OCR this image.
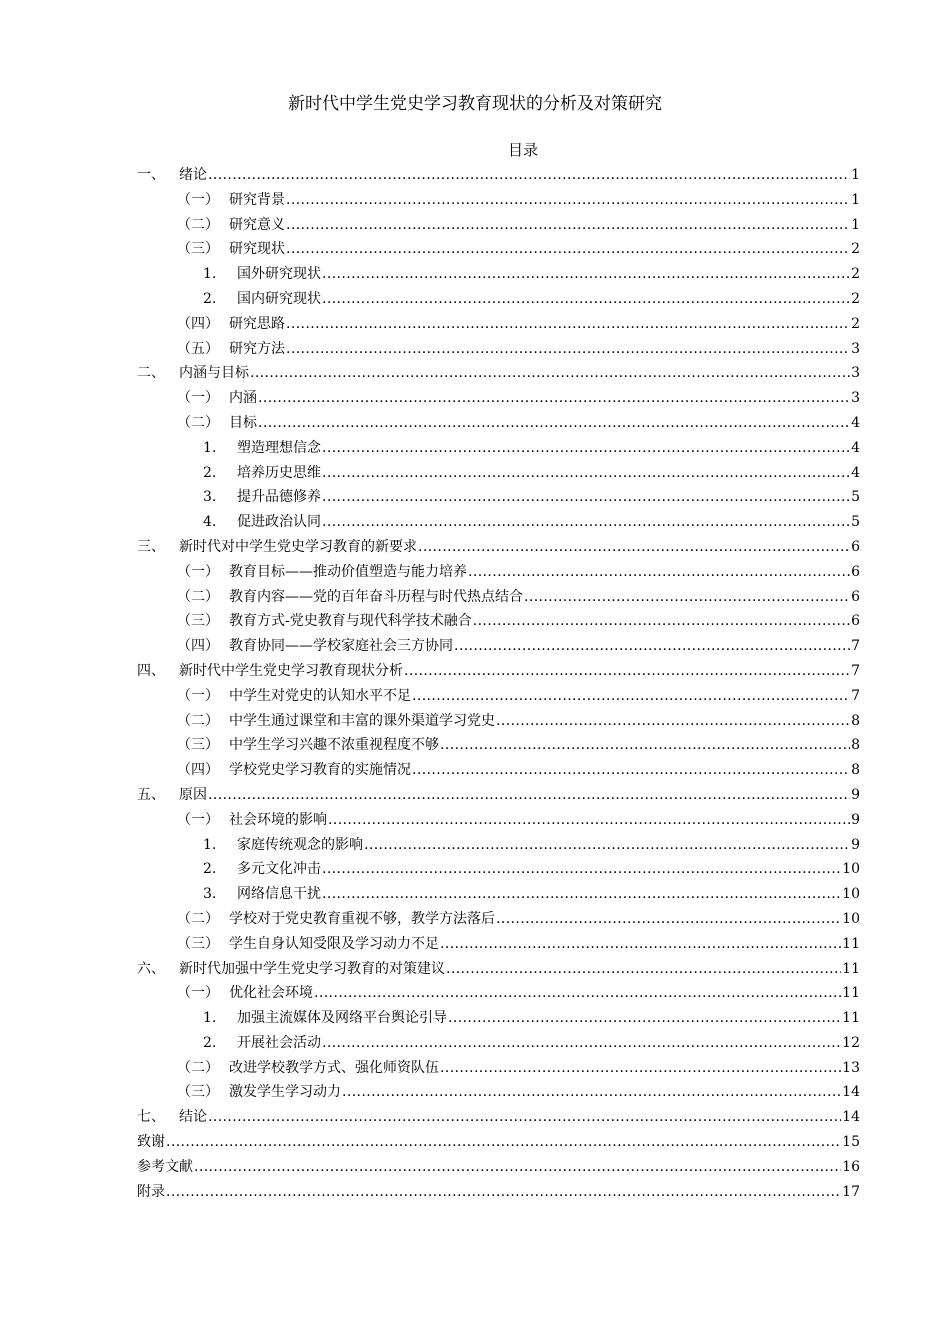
新时代中学生党史学习教育现状的分析及对策研究
目录
一、	绪论 .....	1
（一） 研究背景 .....	1
（二） 研究意义 .....	1
（三） 研究现状 .....	2
1.	国外研究现状 .....	2
2.	国内研究现状 .....	2
（四） 研究思路 .....	2
（五） 研究方法 .....	3
二、	内涵与目标 .....	3
（一） 内涵 .....	3
（二） 目标 .....	4
1.	塑造理想信念 .....	4
2.	培养历史思维 .....	4
3.	提升品德修养 .....	5
4.	促进政治认同 .....	5
三、	新时代对中学生党史学习教育的新要求 .....	6
（一） 教育目标——推动价值塑造与能力培养 .....	6
（二） 教育内容——党的百年奋斗历程与时代热点结合 .....	6
（三） 教育方式-党史教育与现代科学技术融合 .....	6
（四） 教育协同——学校家庭社会三方协同 .....	7
四、	新时代中学生党史学习教育现状分析 .....	7
（一） 中学生对党史的认知水平不足 .....	7
（二） 中学生通过课堂和丰富的课外渠道学习党史 .....	8
（三） 中学生学习兴趣不浓重视程度不够 .....	8
（四） 学校党史学习教育的实施情况 .....	8
五、	原因 .....	9
（一） 社会环境的影响 .....	9
1.	家庭传统观念的影响 .....	9
2.	多元文化冲击 .....	10
3.	网络信息干扰 .....	10
（二） 学校对于党史教育重视不够，教学方法落后 .....	10
（三） 学生自身认知受限及学习动力不足 .....	11
六、	新时代加强中学生党史学习教育的对策建议 .....	11
（一） 优化社会环境 .....	11
1.	加强主流媒体及网络平台舆论引导 .....	11
2.	开展社会活动 .....	12
（二） 改进学校教学方式、强化师资队伍 .....	13
（三） 激发学生学习动力 .....	14
七、	结论 .....	14
致谢 .....	15
参考文献 .....	16
附录 .....	17
